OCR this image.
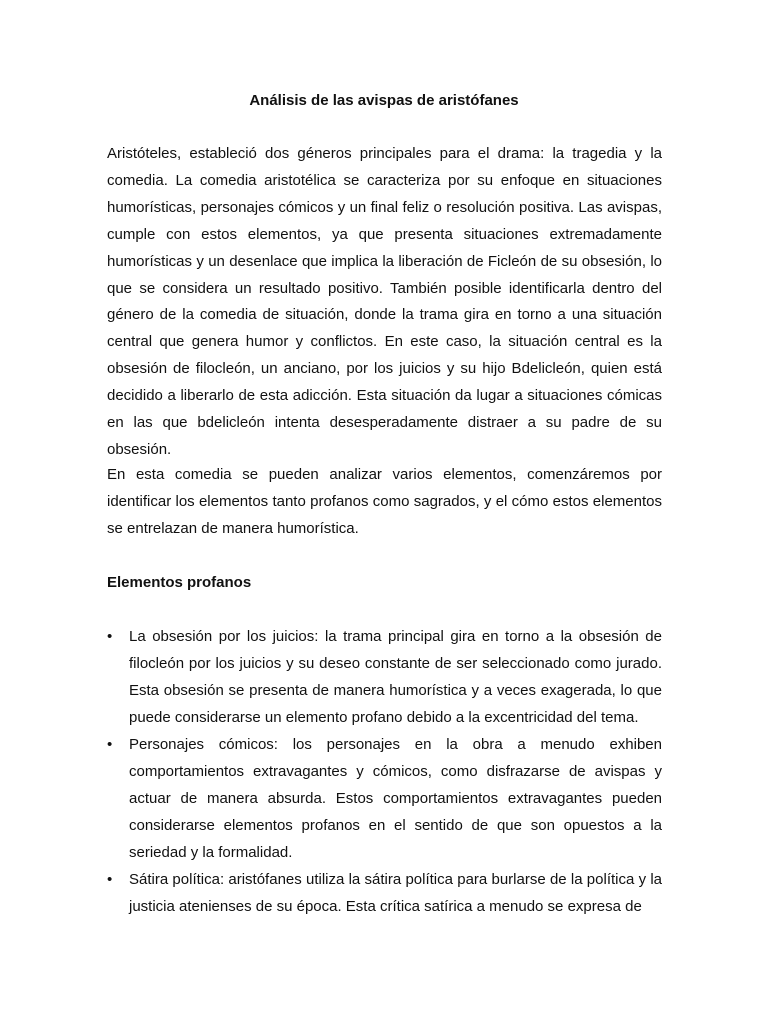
Análisis de las avispas de aristófanes

Aristóteles, estableció dos géneros principales para el drama: la tragedia y la comedia. La comedia aristotélica se caracteriza por su enfoque en situaciones humorísticas, personajes cómicos y un final feliz o resolución positiva. Las avispas, cumple con estos elementos, ya que presenta situaciones extremadamente humorísticas y un desenlace que implica la liberación de Ficleón de su obsesión, lo que se considera un resultado positivo. También posible identificarla dentro del género de la comedia de situación, donde la trama gira en torno a una situación central que genera humor y conflictos. En este caso, la situación central es la obsesión de filocleón, un anciano, por los juicios y su hijo Bdelicleón, quien está decidido a liberarlo de esta adicción. Esta situación da lugar a situaciones cómicas en las que bdelicleón intenta desesperadamente distraer a su padre de su obsesión.

En esta comedia se pueden analizar varios elementos, comenzáremos por identificar los elementos tanto profanos como sagrados, y el cómo estos elementos se entrelazan de manera humorística.

Elementos profanos
•	La obsesión por los juicios: la trama principal gira en torno a la obsesión de filocleón por los juicios y su deseo constante de ser seleccionado como jurado. Esta obsesión se presenta de manera humorística y a veces exagerada, lo que puede considerarse un elemento profano debido a la excentricidad del tema.
•	Personajes cómicos: los personajes en la obra a menudo exhiben comportamientos extravagantes y cómicos, como disfrazarse de avispas y actuar de manera absurda. Estos comportamientos extravagantes pueden considerarse elementos profanos en el sentido de que son opuestos a la seriedad y la formalidad.
•	Sátira política: aristófanes utiliza la sátira política para burlarse de la política y la justicia atenienses de su época. Esta crítica satírica a menudo se expresa de
